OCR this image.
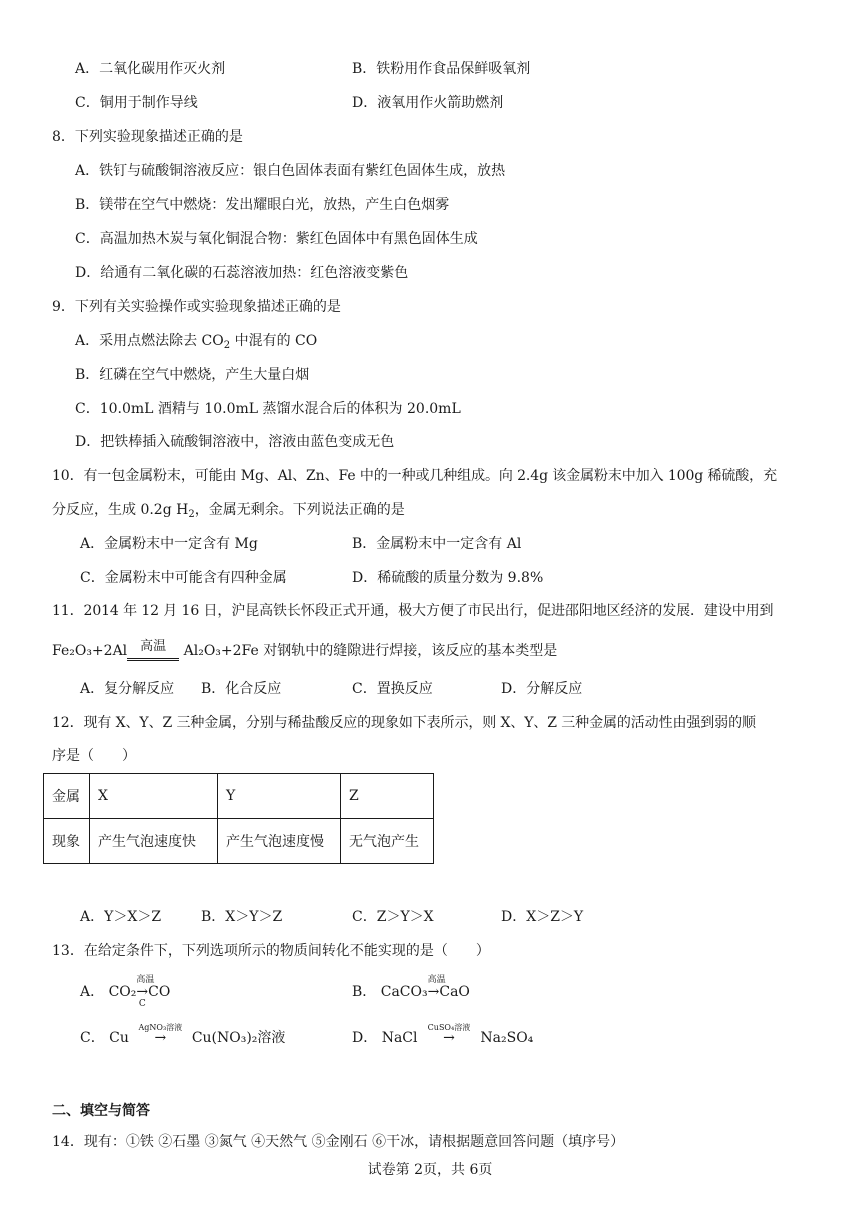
A．二氧化碳用作灭火剂	B．铁粉用作食品保鲜吸氧剂
C．铜用于制作导线	D．液氧用作火箭助燃剂
8．下列实验现象描述正确的是
A．铁钉与硫酸铜溶液反应：银白色固体表面有紫红色固体生成，放热
B．镁带在空气中燃烧：发出耀眼白光，放热，产生白色烟雾
C．高温加热木炭与氧化铜混合物：紫红色固体中有黑色固体生成
D．给通有二氧化碳的石蕊溶液加热：红色溶液变紫色
9．下列有关实验操作或实验现象描述正确的是
A．采用点燃法除去 $CO_2$ 中混有的 CO
B．红磷在空气中燃烧，产生大量白烟
C．10.0mL 酒精与 10.0mL 蒸馏水混合后的体积为 20.0mL
D．把铁棒插入硫酸铜溶液中，溶液由蓝色变成无色
10．有一包金属粉末，可能由 Mg、Al、Zn、Fe 中的一种或几种组成。向 2.4g 该金属粉末中加入 100g 稀硫酸，充
分反应，生成 0.2g $H_2$，金属无剩余。下列说法正确的是
A．金属粉末中一定含有 Mg	B．金属粉末中一定含有 Al
C．金属粉末中可能含有四种金属	D．稀硫酸的质量分数为 9.8%
11．2014 年 12 月 16 日，沪昆高铁长怀段正式开通，极大方便了市民出行，促进邵阳地区经济的发展．建设中用到
Fe₂O₃+2Al 高温 Al₂O₃+2Fe 对钢轨中的缝隙进行焊接，该反应的基本类型是
A．复分解反应 B．化合反应	C．置换反应	D．分解反应
12．现有 X、Y、Z 三种金属，分别与稀盐酸反应的现象如下表所示，则 X、Y、Z 三种金属的活动性由强到弱的顺
序是（　　）
金属	X	Y	Z
现象	产生气泡速度快	产生气泡速度慢	无气泡产生
A．Y＞X＞Z	B．X＞Y＞Z	C．Z＞Y＞X	D．X＞Z＞Y
13．在给定条件下，下列选项所示的物质间转化不能实现的是（　　）
A． CO₂
高温
→
C
CO	B． CaCO₃
高温
→CaO
C． Cu
AgNO₃溶液
→ Cu(NO₃)₂溶液	D． NaCl
CuSO₄溶液
→ Na₂SO₄
二、填空与简答
14．现有：①铁 ②石墨 ③氮气 ④天然气 ⑤金刚石 ⑥干冰，请根据题意回答问题（填序号）
试卷第 2页，共 6页
